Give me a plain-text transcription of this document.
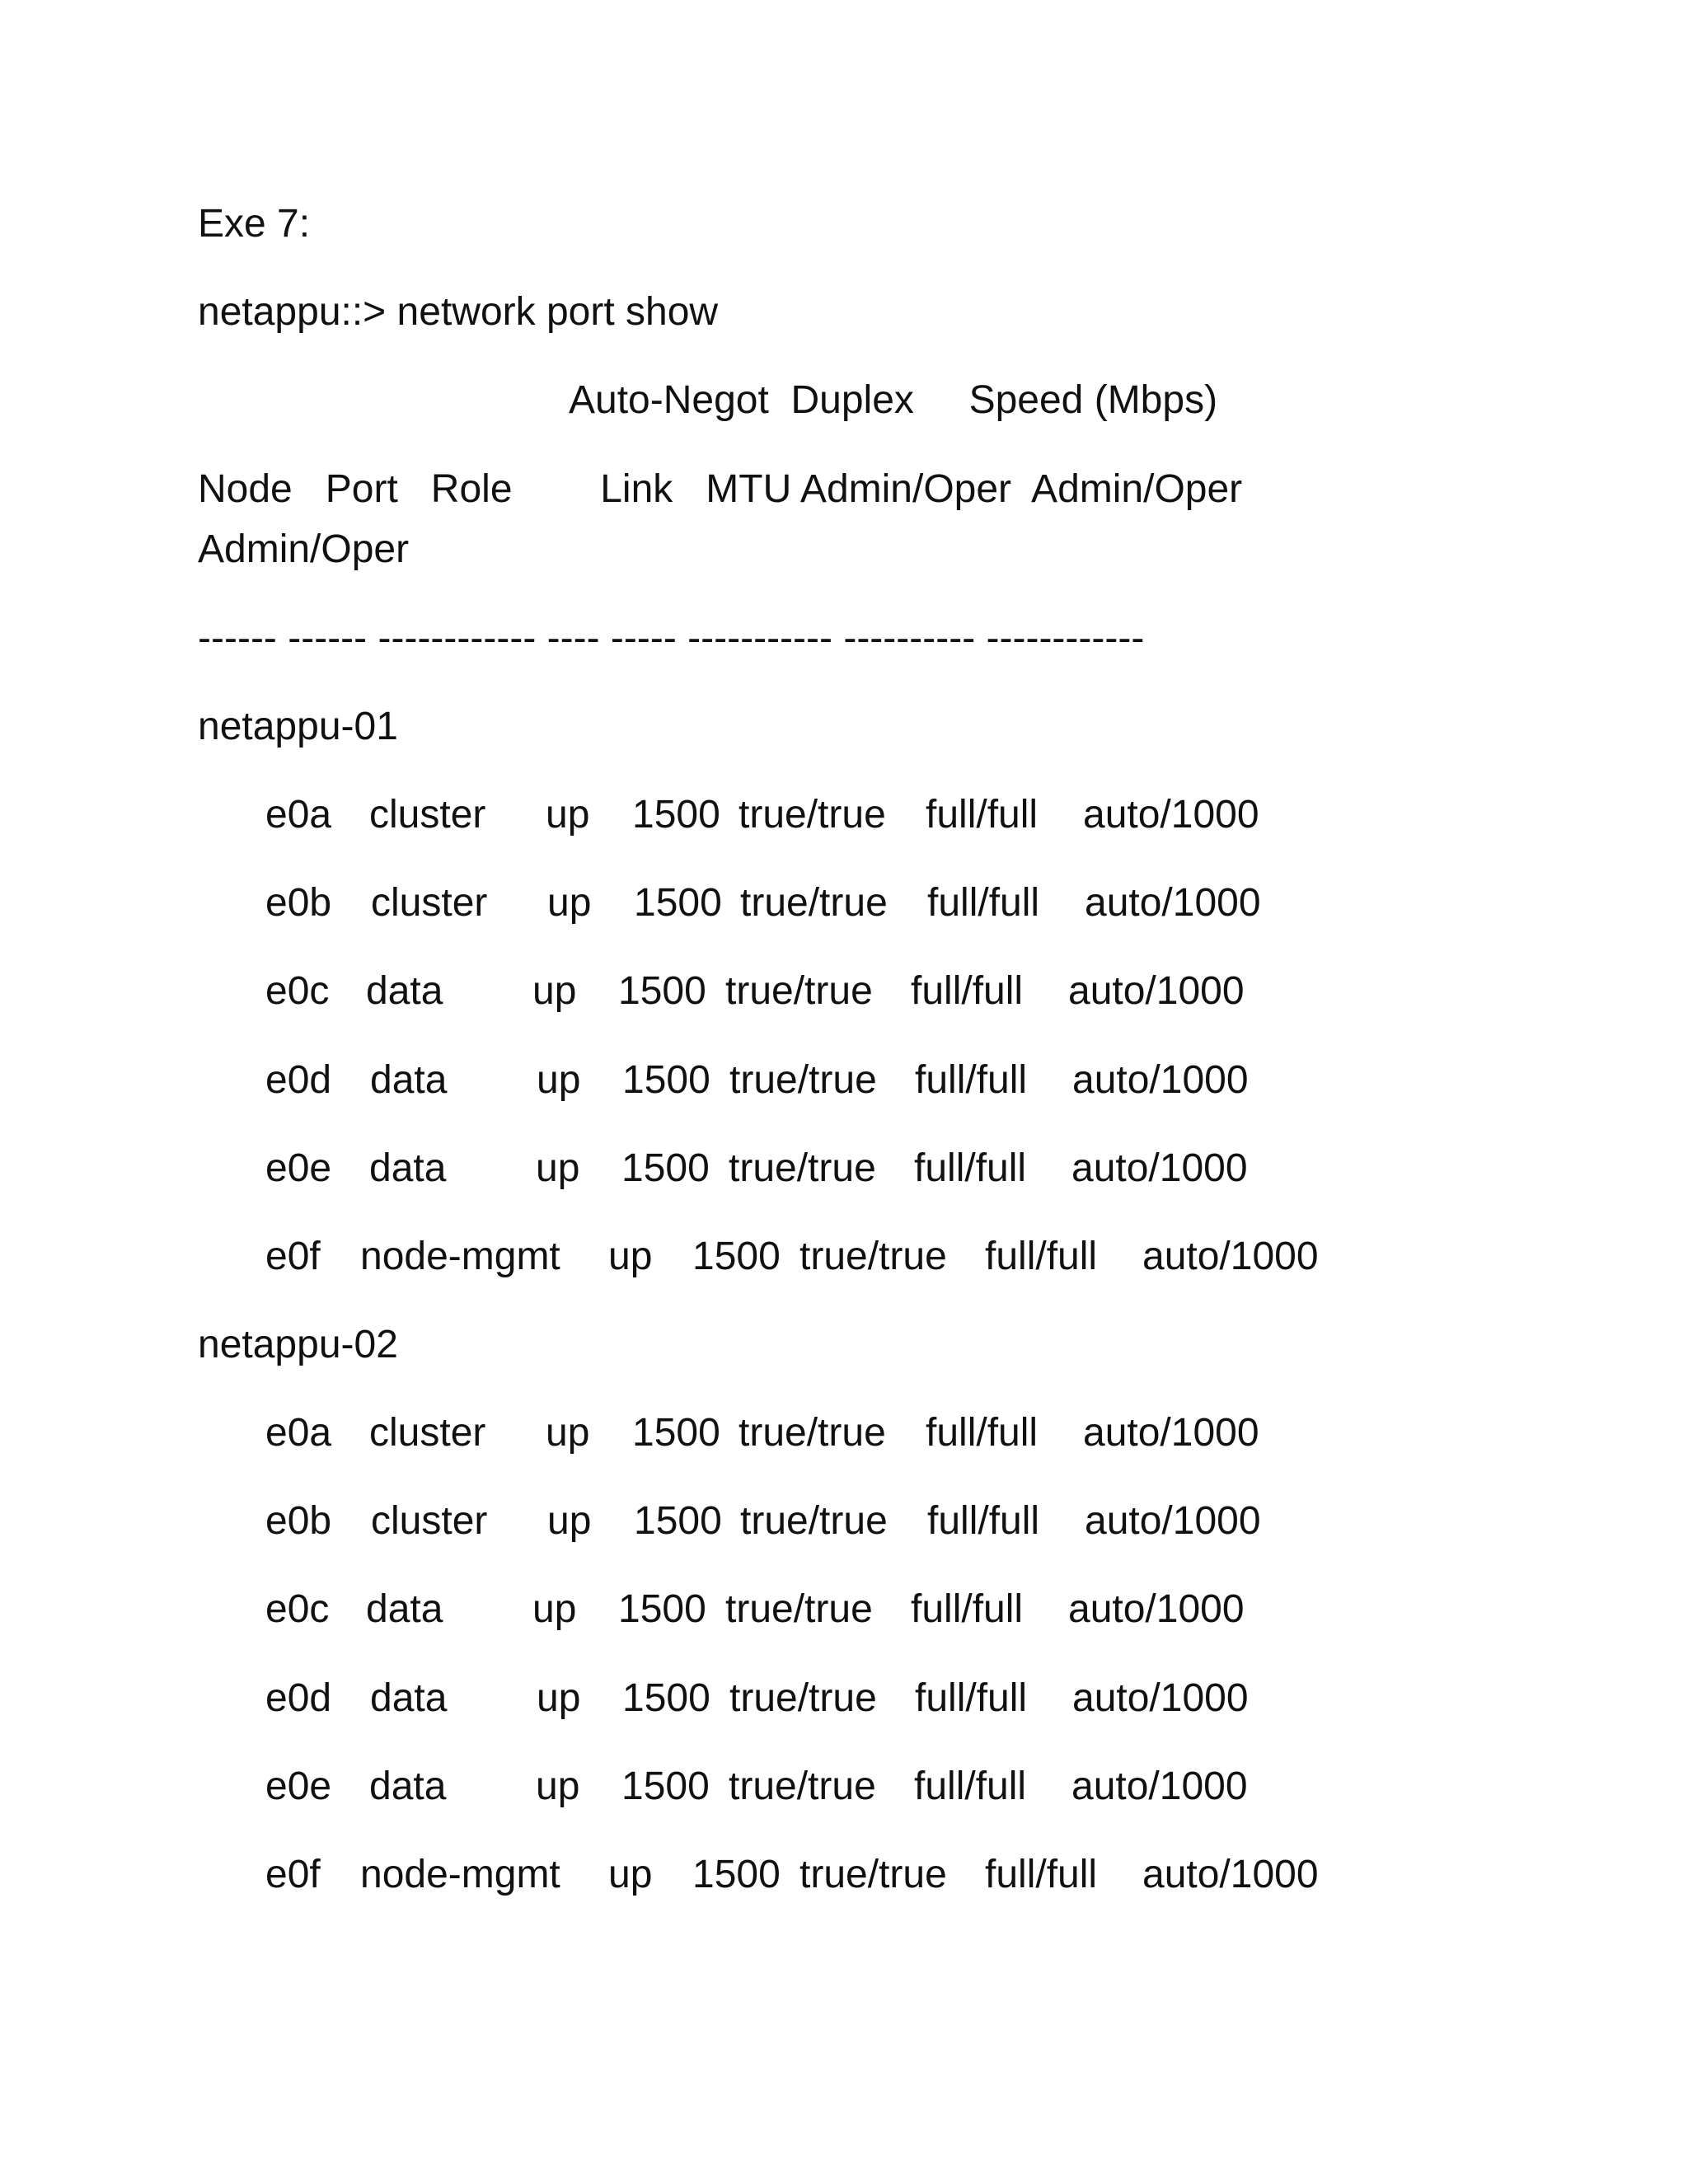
Exe 7:
netappu::> network port show
Auto-Negot  Duplex     Speed (Mbps)
Node   Port   Role        Link   MTU Admin/Oper  Admin/Oper
Admin/Oper
------ ------ ------------ ---- ----- ----------- ---------- ------------
netappu-01
e0a cluster up 1500 true/true full/full auto/1000
e0b cluster up 1500 true/true full/full auto/1000
e0c data up 1500 true/true full/full auto/1000
e0d data up 1500 true/true full/full auto/1000
e0e data up 1500 true/true full/full auto/1000
e0f node-mgmt up 1500 true/true full/full auto/1000
netappu-02
e0a cluster up 1500 true/true full/full auto/1000
e0b cluster up 1500 true/true full/full auto/1000
e0c data up 1500 true/true full/full auto/1000
e0d data up 1500 true/true full/full auto/1000
e0e data up 1500 true/true full/full auto/1000
e0f node-mgmt up 1500 true/true full/full auto/1000
